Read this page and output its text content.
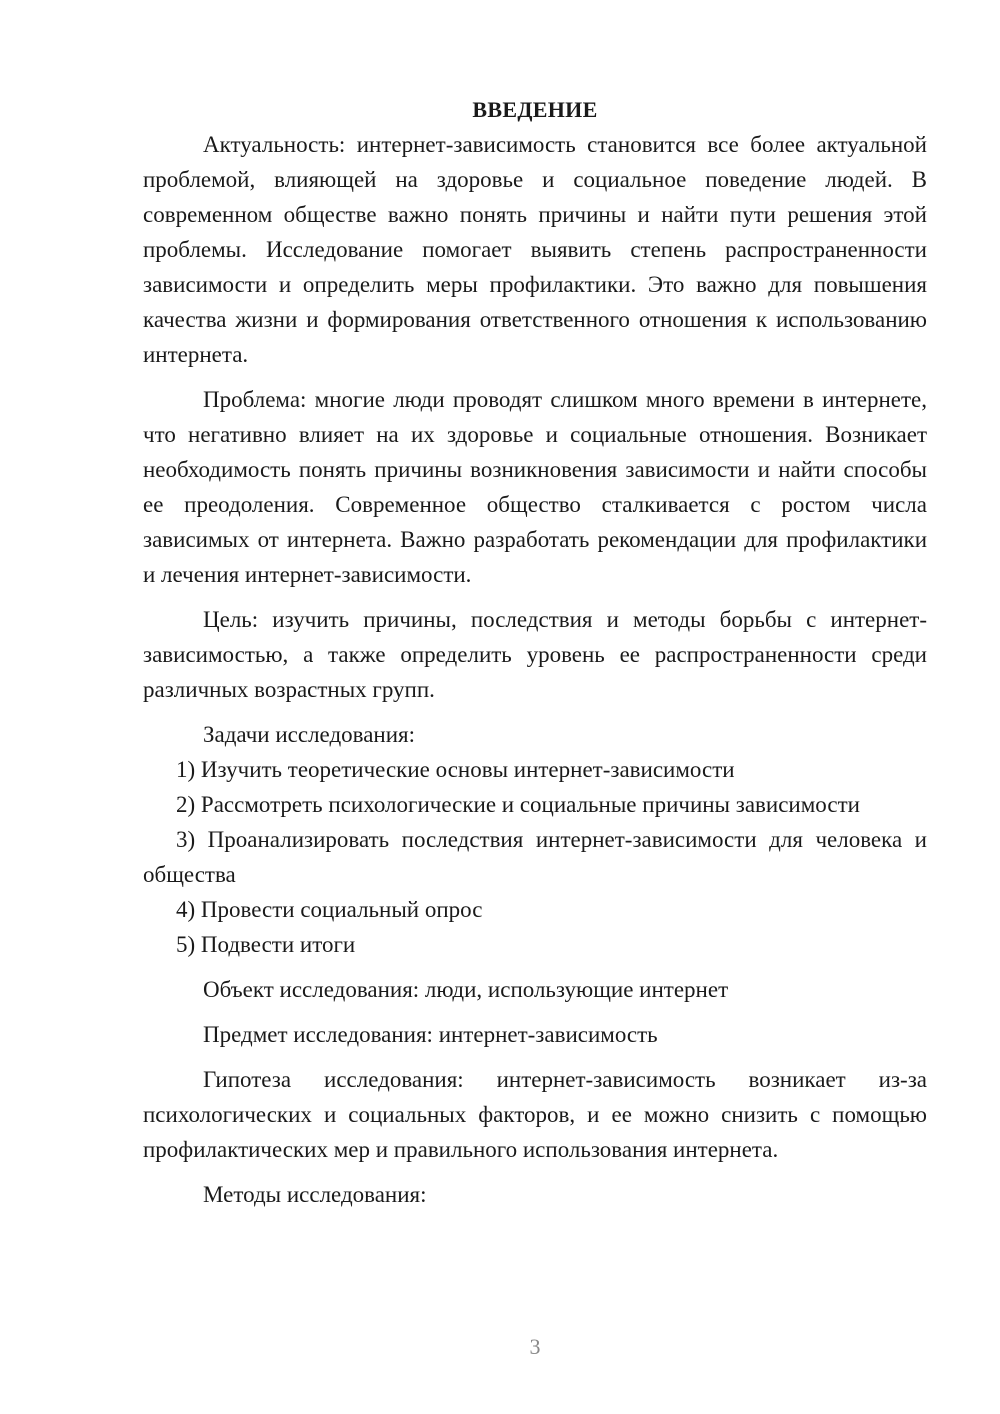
ВВЕДЕНИЕ

Актуальность: интернет-зависимость становится все более актуальной проблемой, влияющей на здоровье и социальное поведение людей. В современном обществе важно понять причины и найти пути решения этой проблемы. Исследование помогает выявить степень распространенности зависимости и определить меры профилактики. Это важно для повышения качества жизни и формирования ответственного отношения к использованию интернета.

Проблема: многие люди проводят слишком много времени в интернете, что негативно влияет на их здоровье и социальные отношения. Возникает необходимость понять причины возникновения зависимости и найти способы ее преодоления. Современное общество сталкивается с ростом числа зависимых от интернета. Важно разработать рекомендации для профилактики и лечения интернет-зависимости.

Цель: изучить причины, последствия и методы борьбы с интернет-зависимостью, а также определить уровень ее распространенности среди различных возрастных групп.

Задачи исследования:

1) Изучить теоретические основы интернет-зависимости

2) Рассмотреть психологические и социальные причины зависимости

3) Проанализировать последствия интернет-зависимости для человека и общества

4) Провести социальный опрос

5) Подвести итоги

Объект исследования: люди, использующие интернет

Предмет исследования: интернет-зависимость

Гипотеза исследования: интернет-зависимость возникает из-за психологических и социальных факторов, и ее можно снизить с помощью профилактических мер и правильного использования интернета.

Методы исследования:

3
